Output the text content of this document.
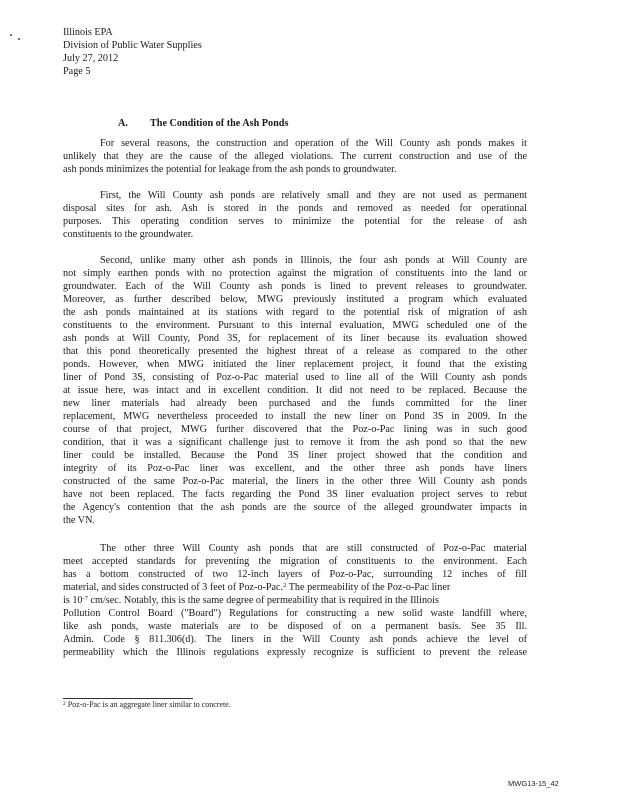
Illinois EPA
Division of Public Water Supplies
July 27, 2012
Page 5
A. The Condition of the Ash Ponds
For several reasons, the construction and operation of the Will County ash ponds makes it
unlikely that they are the cause of the alleged violations. The current construction and use of the
ash ponds minimizes the potential for leakage from the ash ponds to groundwater.
First, the Will County ash ponds are relatively small and they are not used as permanent
disposal sites for ash. Ash is stored in the ponds and removed as needed for operational
purposes. This operating condition serves to minimize the potential for the release of ash
constituents to the groundwater.
Second, unlike many other ash ponds in Illinois, the four ash ponds at Will County are
not simply earthen ponds with no protection against the migration of constituents into the land or
groundwater. Each of the Will County ash ponds is lined to prevent releases to groundwater.
Moreover, as further described below, MWG previously instituted a program which evaluated
the ash ponds maintained at its stations with regard to the potential risk of migration of ash
constituents to the environment. Pursuant to this internal evaluation, MWG scheduled one of the
ash ponds at Will County, Pond 3S, for replacement of its liner because its evaluation showed
that this pond theoretically presented the highest threat of a release as compared to the other
ponds. However, when MWG initiated the liner replacement project, it found that the existing
liner of Pond 3S, consisting of Poz-o-Pac material used to line all of the Will County ash ponds
at issue here, was intact and in excellent condition. It did not need to be replaced. Because the
new liner materials had already been purchased and the funds committed for the liner
replacement, MWG nevertheless proceeded to install the new liner on Pond 3S in 2009. In the
course of that project, MWG further discovered that the Poz-o-Pac lining was in such good
condition, that it was a significant challenge just to remove it from the ash pond so that the new
liner could be installed. Because the Pond 3S liner project showed that the condition and
integrity of its Poz-o-Pac liner was excellent, and the other three ash ponds have liners
constructed of the same Poz-o-Pac material, the liners in the other three Will County ash ponds
have not been replaced. The facts regarding the Pond 3S liner evaluation project serves to rebut
the Agency's contention that the ash ponds are the source of the alleged groundwater impacts in
the VN.
The other three Will County ash ponds that are still constructed of Poz-o-Pac material
meet accepted standards for preventing the migration of constituents to the environment. Each
has a bottom constructed of two 12-inch layers of Poz-o-Pac, surrounding 12 inches of fill
material, and sides constructed of 3 feet of Poz-o-Pac.$^2$ The permeability of the Poz-o-Pac liner
is $10^{-7}$ cm/sec. Notably, this is the same degree of permeability that is required in the Illinois
Pollution Control Board ("Board") Regulations for constructing a new solid waste landfill where,
like ash ponds, waste materials are to be disposed of on a permanent basis. See 35 Ill.
Admin. Code § 811.306(d). The liners in the Will County ash ponds achieve the level of
permeability which the Illinois regulations expressly recognize is sufficient to prevent the release
$^2$ Poz-o-Pac is an aggregate liner similar to concrete.
MWG13-15_42
